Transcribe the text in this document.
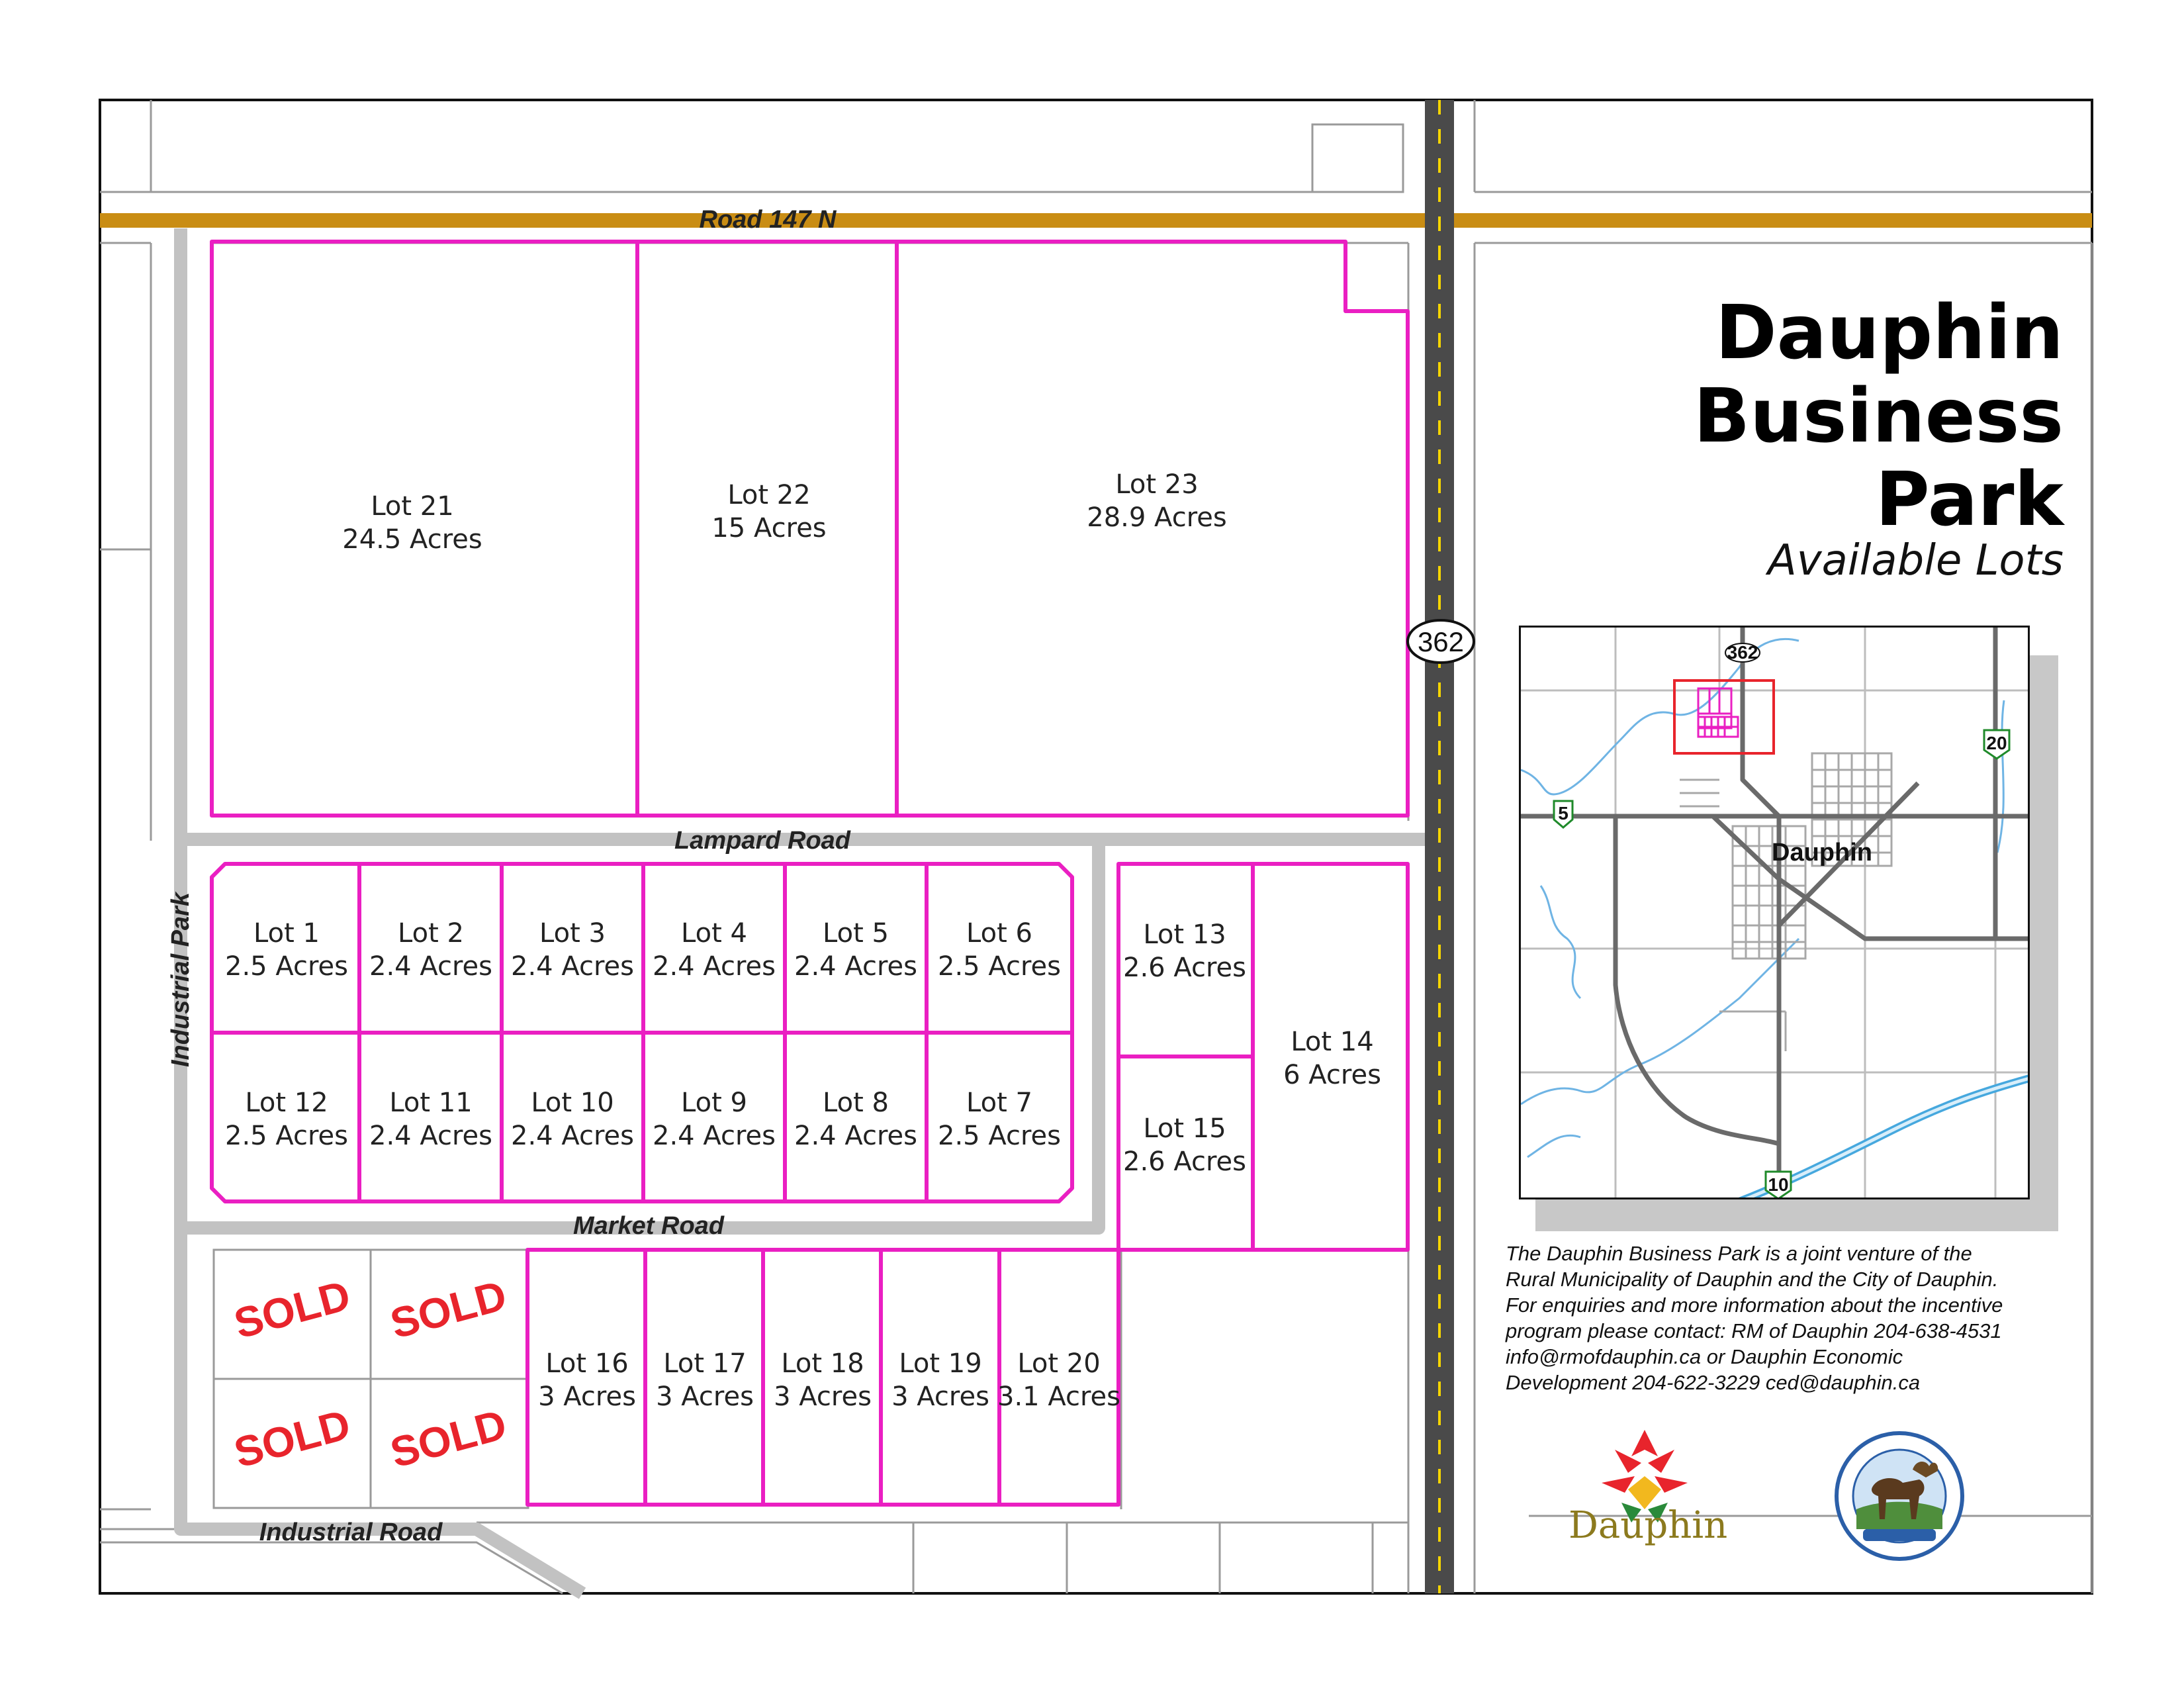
Lot 21
24.5 Acres
Lot 22
15 Acres
Lot 23
28.9 Acres
Lot 1
2.5 Acres
Lot 2
2.4 Acres
Lot 3
2.4 Acres
Lot 4
2.4 Acres
Lot 5
2.4 Acres
Lot 6
2.5 Acres
Lot 12
2.5 Acres
Lot 11
2.4 Acres
Lot 10
2.4 Acres
Lot 9
2.4 Acres
Lot 8
2.4 Acres
Lot 7
2.5 Acres
Lot 13
2.6 Acres
Lot 15
2.6 Acres
Lot 14
6 Acres
Lot 16
3 Acres
Lot 17
3 Acres
Lot 18
3 Acres
Lot 19
3 Acres
Lot 20
3.1 Acres
SOLD SOLD
SOLD SOLD
Road 147 N
Lampard Road
Market Road
Industrial Road
Industrial Park
362
Dauphin
Business
Park
Available Lots
362
5
20
10
Dauphin
The Dauphin Business Park is a joint venture of the
Rural Municipality of Dauphin and the City of Dauphin.
For enquiries and more information about the incentive
program please contact: RM of Dauphin 204-638-4531
info@rmofdauphin.ca or Dauphin Economic
Development 204-622-3229 ced@dauphin.ca
Dauphin
